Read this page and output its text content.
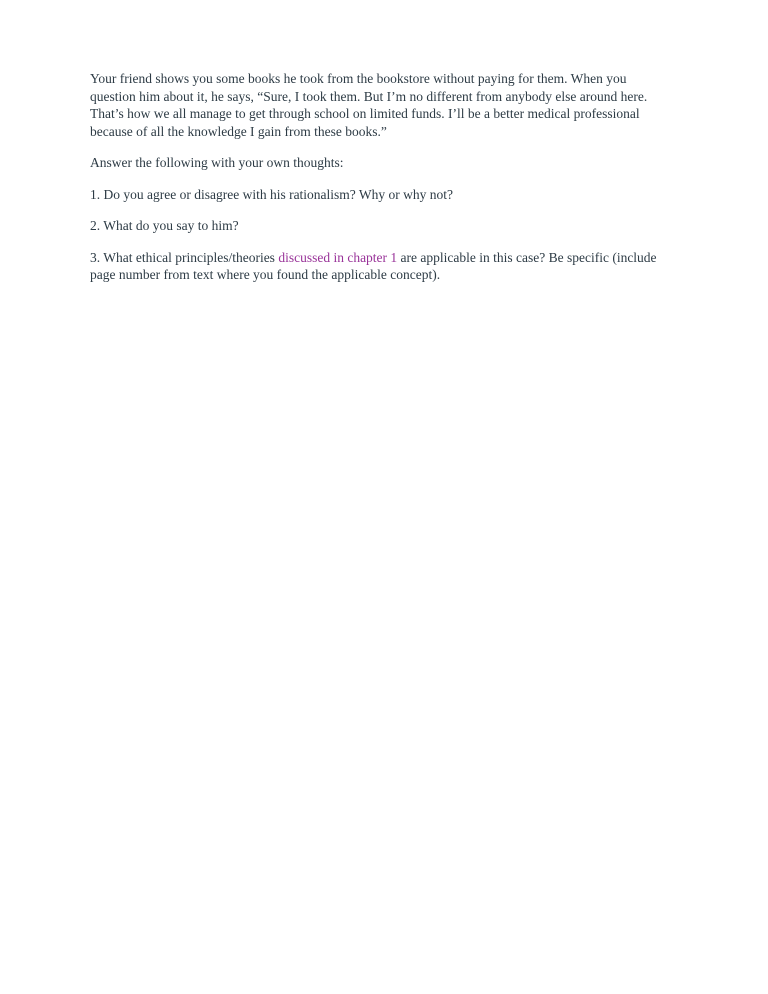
Your friend shows you some books he took from the bookstore without paying for them. When you question him about it, he says, “Sure, I took them. But I’m no different from anybody else around here. That’s how we all manage to get through school on limited funds. I’ll be a better medical professional because of all the knowledge I gain from these books.”

Answer the following with your own thoughts:

1. Do you agree or disagree with his rationalism? Why or why not?

2. What do you say to him?

3. What ethical principles/theories discussed in chapter 1 are applicable in this case? Be specific (include page number from text where you found the applicable concept).
